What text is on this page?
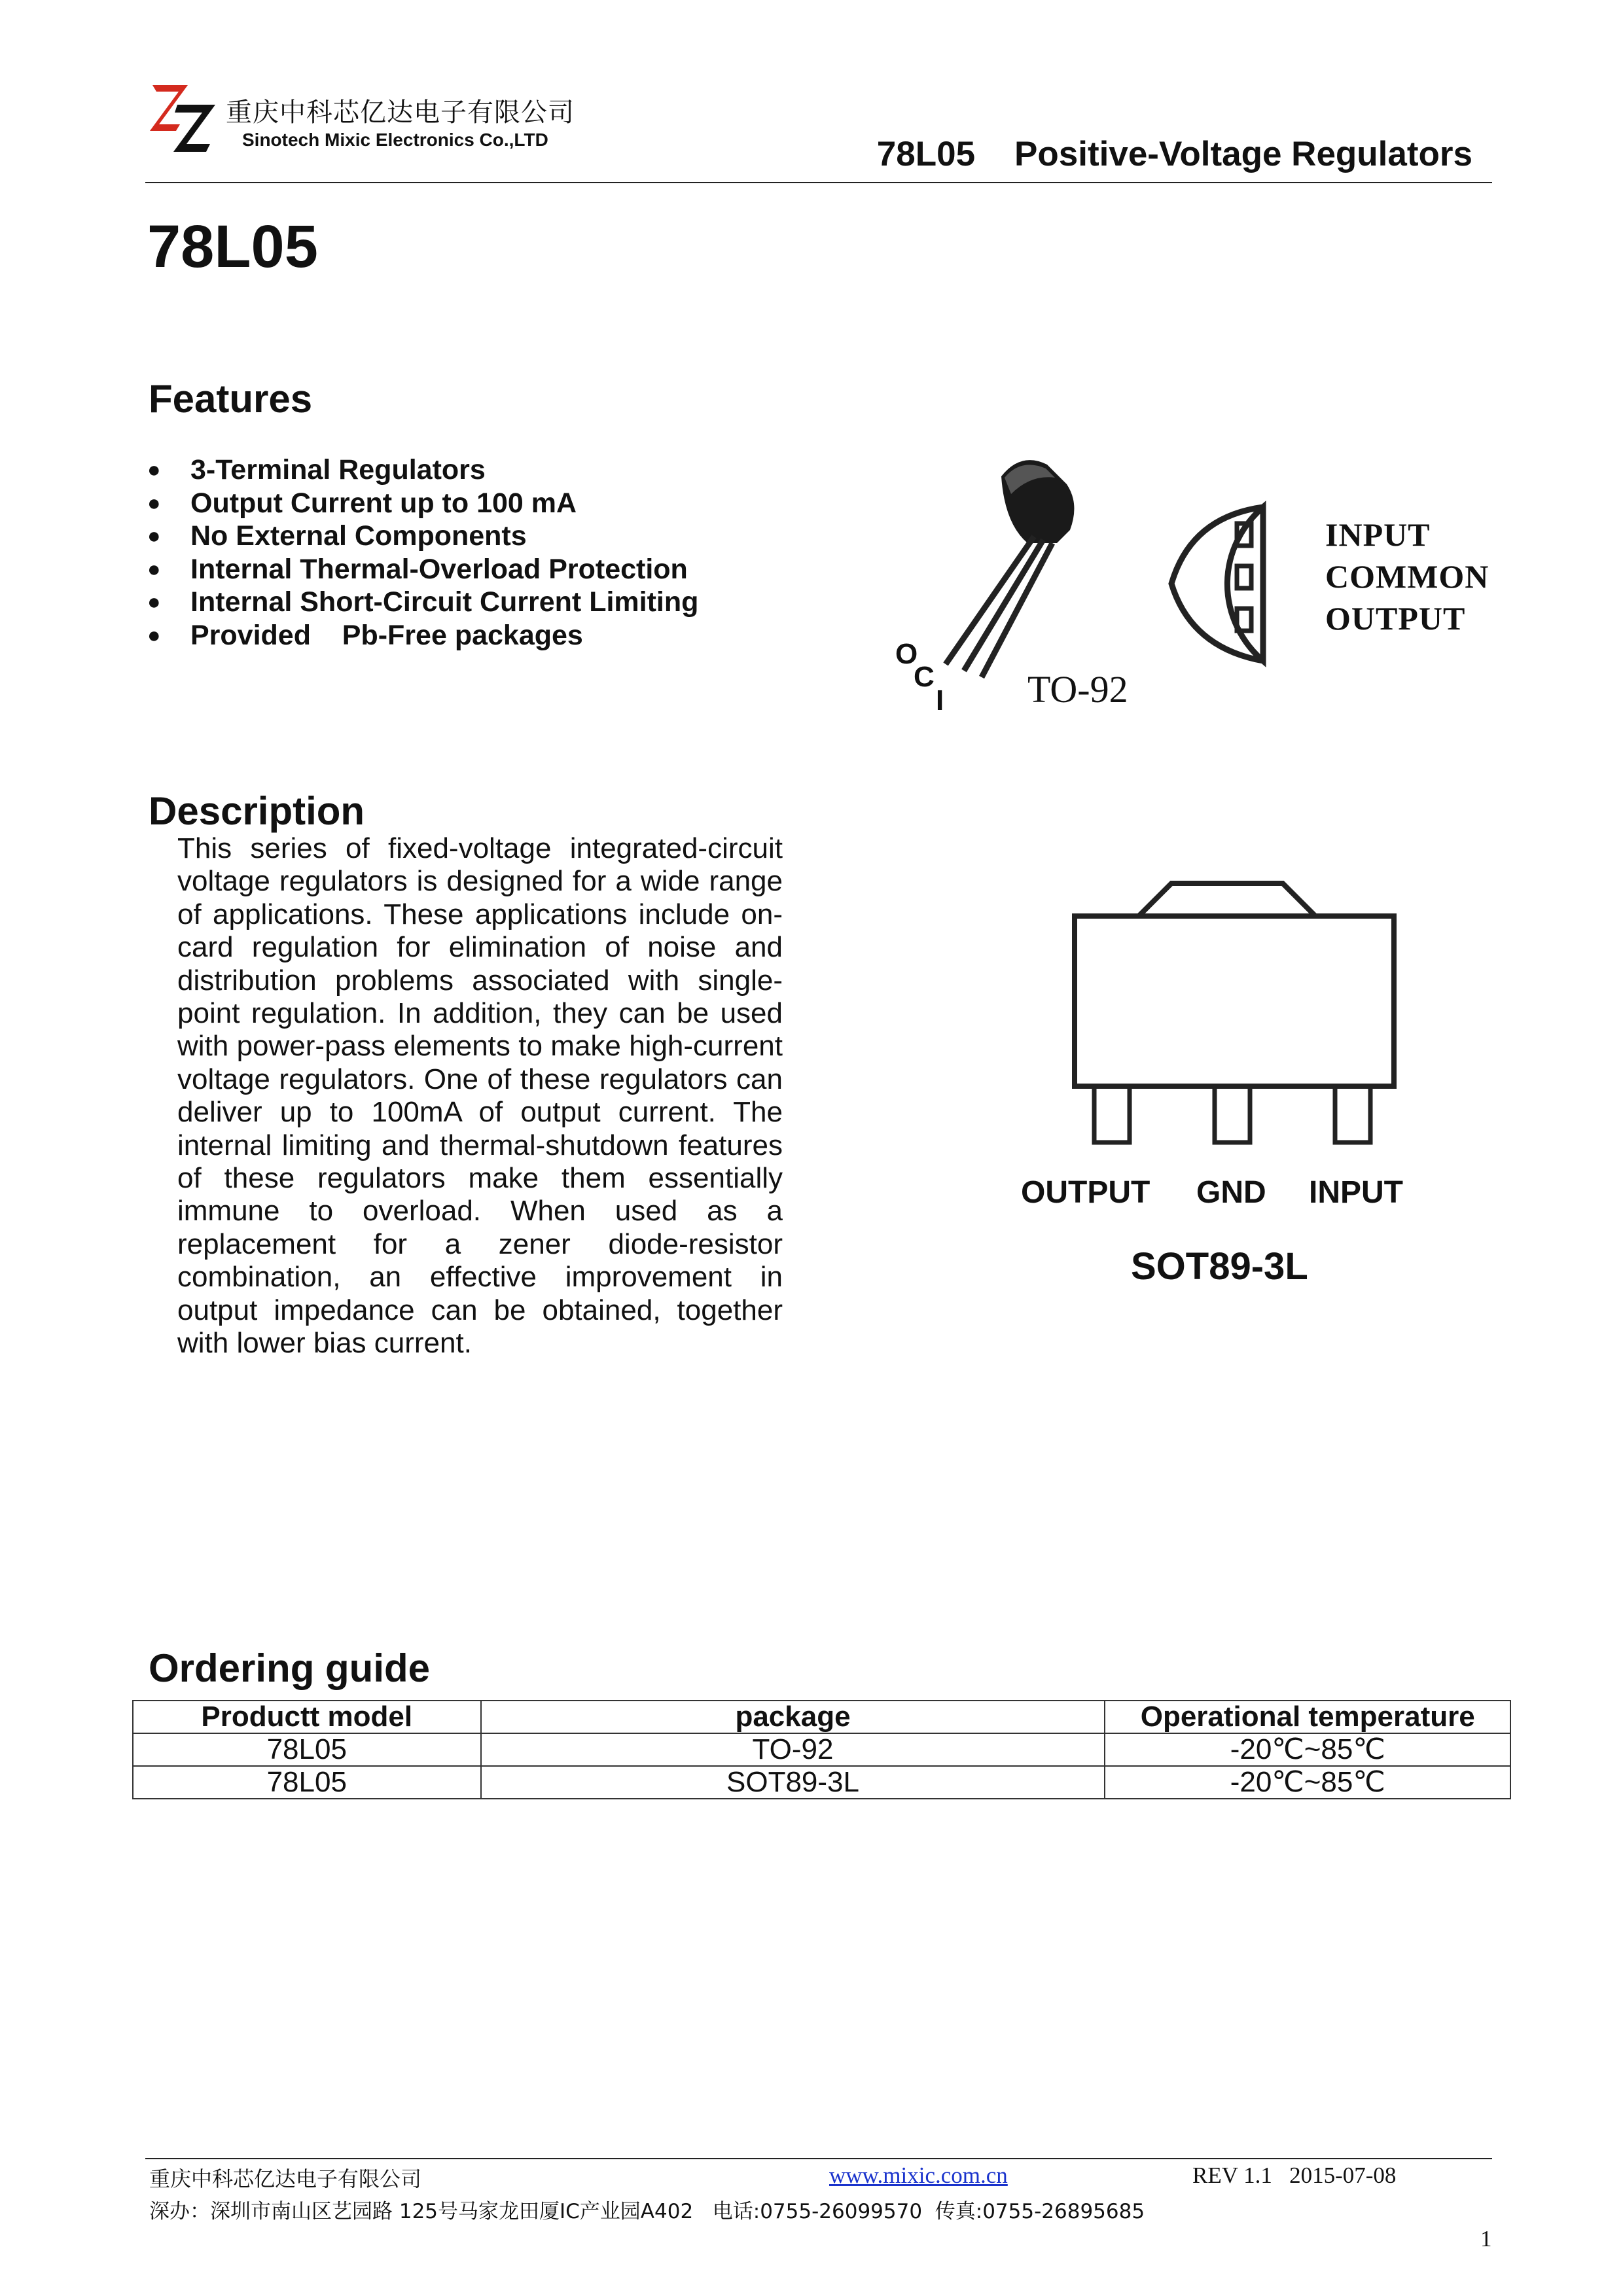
重庆中科芯亿达电子有限公司
Sinotech Mixic Electronics Co.,LTD	78L05 Positive-Voltage Regulators
78L05
Features
● 3-Terminal Regulators
● Output Current up to 100 mA
● No External Components
● Internal Thermal-Overload Protection
● Internal Short-Circuit Current Limiting
● Provided    Pb-Free packages
O
C
I TO-92
INPUT
COMMON
OUTPUT
Description
This series of fixed-voltage integrated-circuit voltage regulators is designed for a wide range of applications. These applications include on-card regulation for elimination of noise and distribution problems associated with single-point regulation. In addition, they can be used with power-pass elements to make high-current voltage regulators. One of these regulators can deliver up to 100mA of output current. The internal limiting and thermal-shutdown features of these regulators make them essentially immune to overload. When used as a replacement for a zener diode-resistor combination, an effective improvement in output impedance can be obtained, together with lower bias current.
OUTPUT GND INPUT
SOT89-3L
Ordering guide
Productt model	package	Operational temperature
78L05	TO-92	-20℃~85℃
78L05	SOT89-3L	-20℃~85℃
重庆中科芯亿达电子有限公司	www.mixic.com.cn	REV 1.1 2015-07-08
深办：深圳市南山区艺园路 125号马家龙田厦IC产业园A402   电话:0755-26099570  传真:0755-26895685
1
